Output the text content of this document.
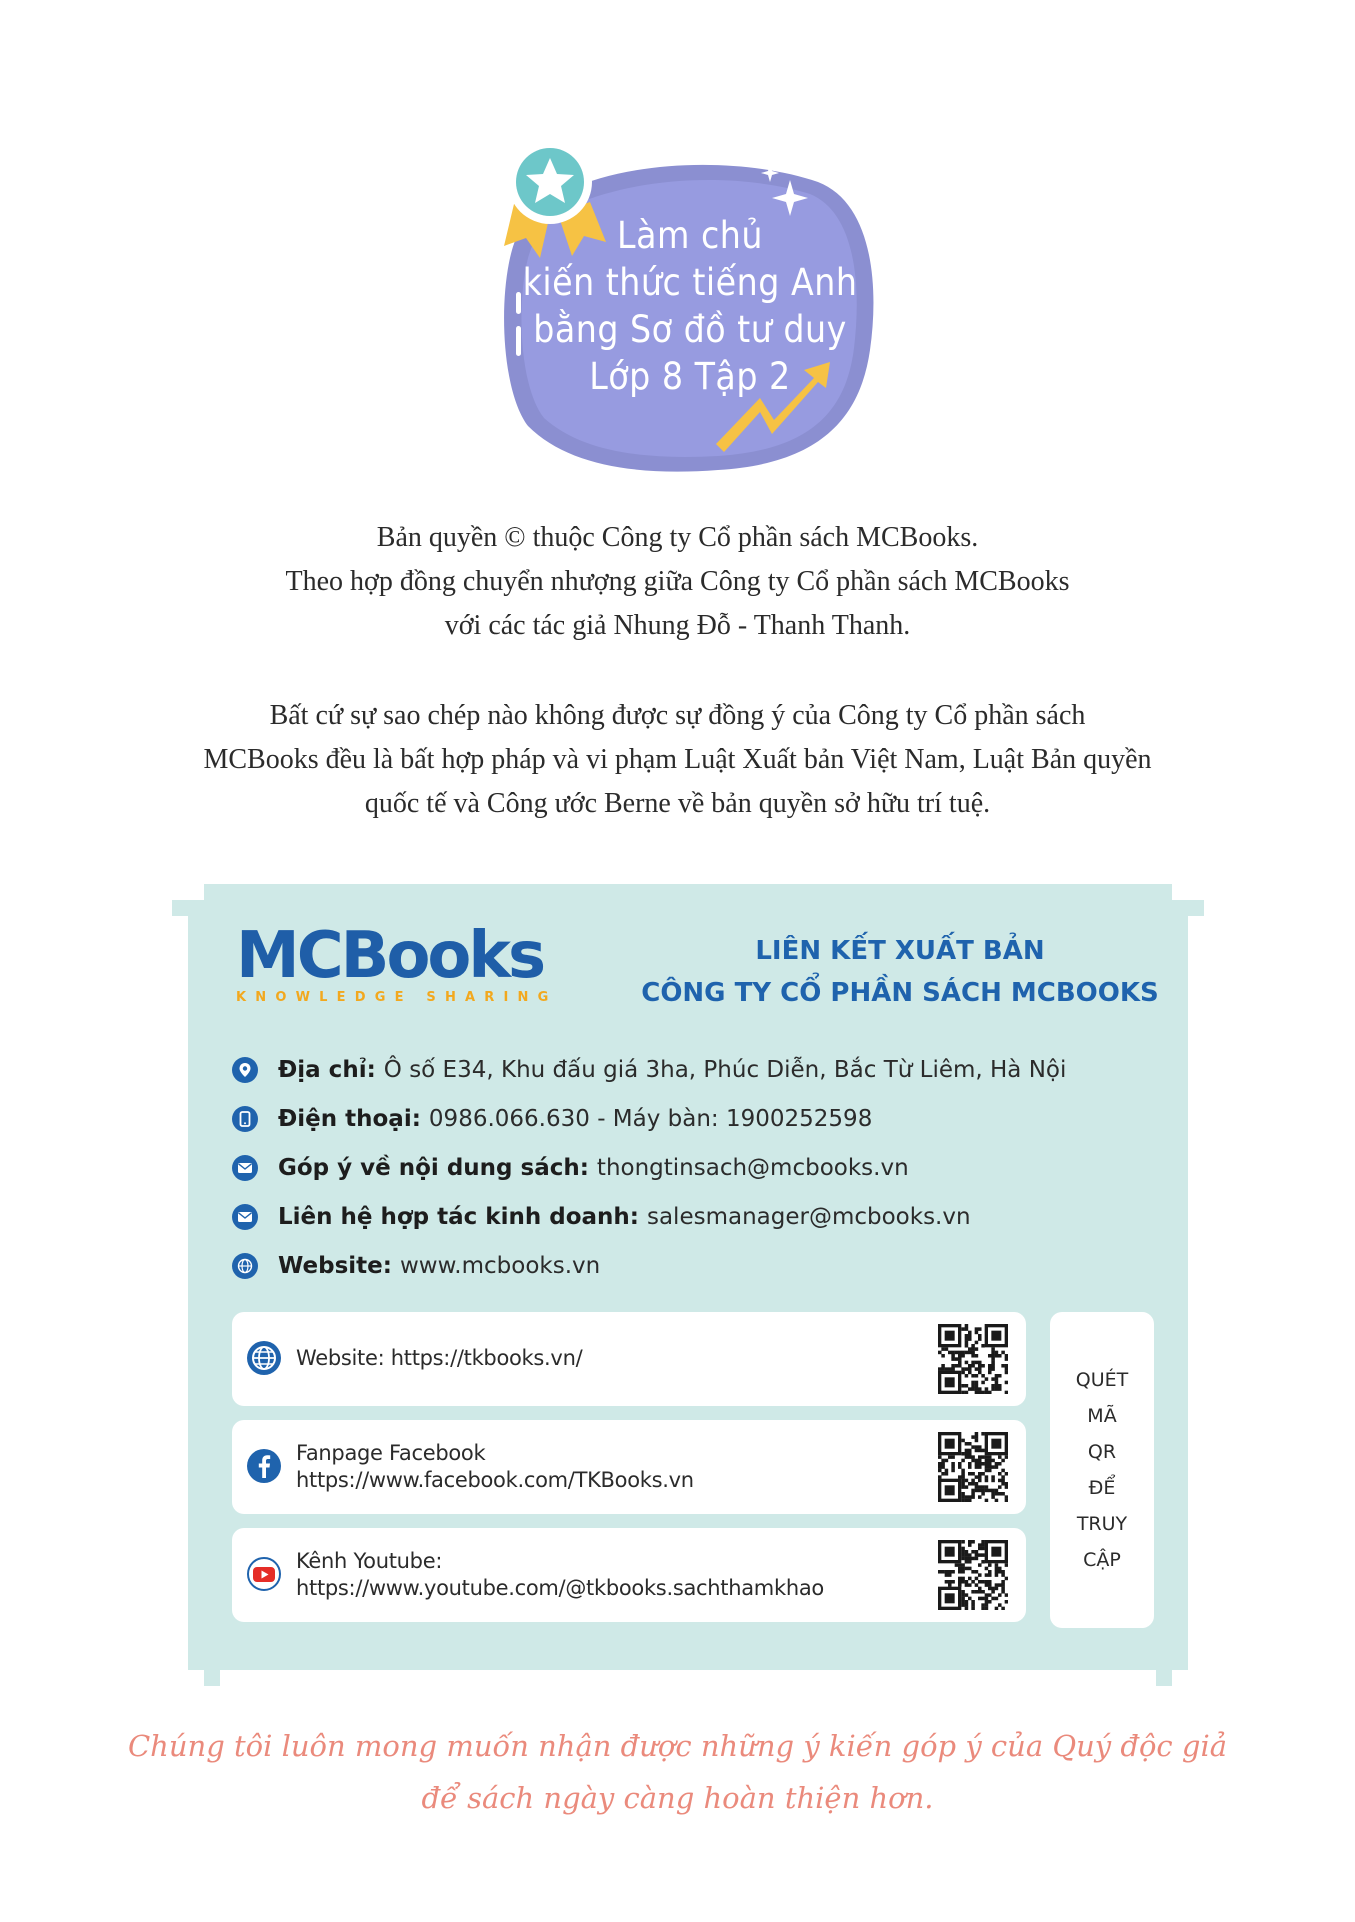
Làm chủ
kiến thức tiếng Anh
bằng Sơ đồ tư duy
Lớp 8 Tập 2
Bản quyền © thuộc Công ty Cổ phần sách MCBooks.
Theo hợp đồng chuyển nhượng giữa Công ty Cổ phần sách MCBooks
với các tác giả Nhung Đỗ - Thanh Thanh.
Bất cứ sự sao chép nào không được sự đồng ý của Công ty Cổ phần sách
MCBooks đều là bất hợp pháp và vi phạm Luật Xuất bản Việt Nam, Luật Bản quyền
quốc tế và Công ước Berne về bản quyền sở hữu trí tuệ.
MCBooks
KNOWLEDGE SHARING
LIÊN KẾT XUẤT BẢN
CÔNG TY CỔ PHẦN SÁCH MCBOOKS
Địa chỉ: Ô số E34, Khu đấu giá 3ha, Phúc Diễn, Bắc Từ Liêm, Hà Nội
Điện thoại: 0986.066.630 - Máy bàn: 1900252598
Góp ý về nội dung sách: thongtinsach@mcbooks.vn
Liên hệ hợp tác kinh doanh: salesmanager@mcbooks.vn
Website: www.mcbooks.vn
Website: https://tkbooks.vn/
Fanpage Facebook
https://www.facebook.com/TKBooks.vn
Kênh Youtube:
https://www.youtube.com/@tkbooks.sachthamkhao
QUÉT
MÃ
QR
ĐỂ
TRUY
CẬP
Chúng tôi luôn mong muốn nhận được những ý kiến góp ý của Quý độc giả
để sách ngày càng hoàn thiện hơn.
